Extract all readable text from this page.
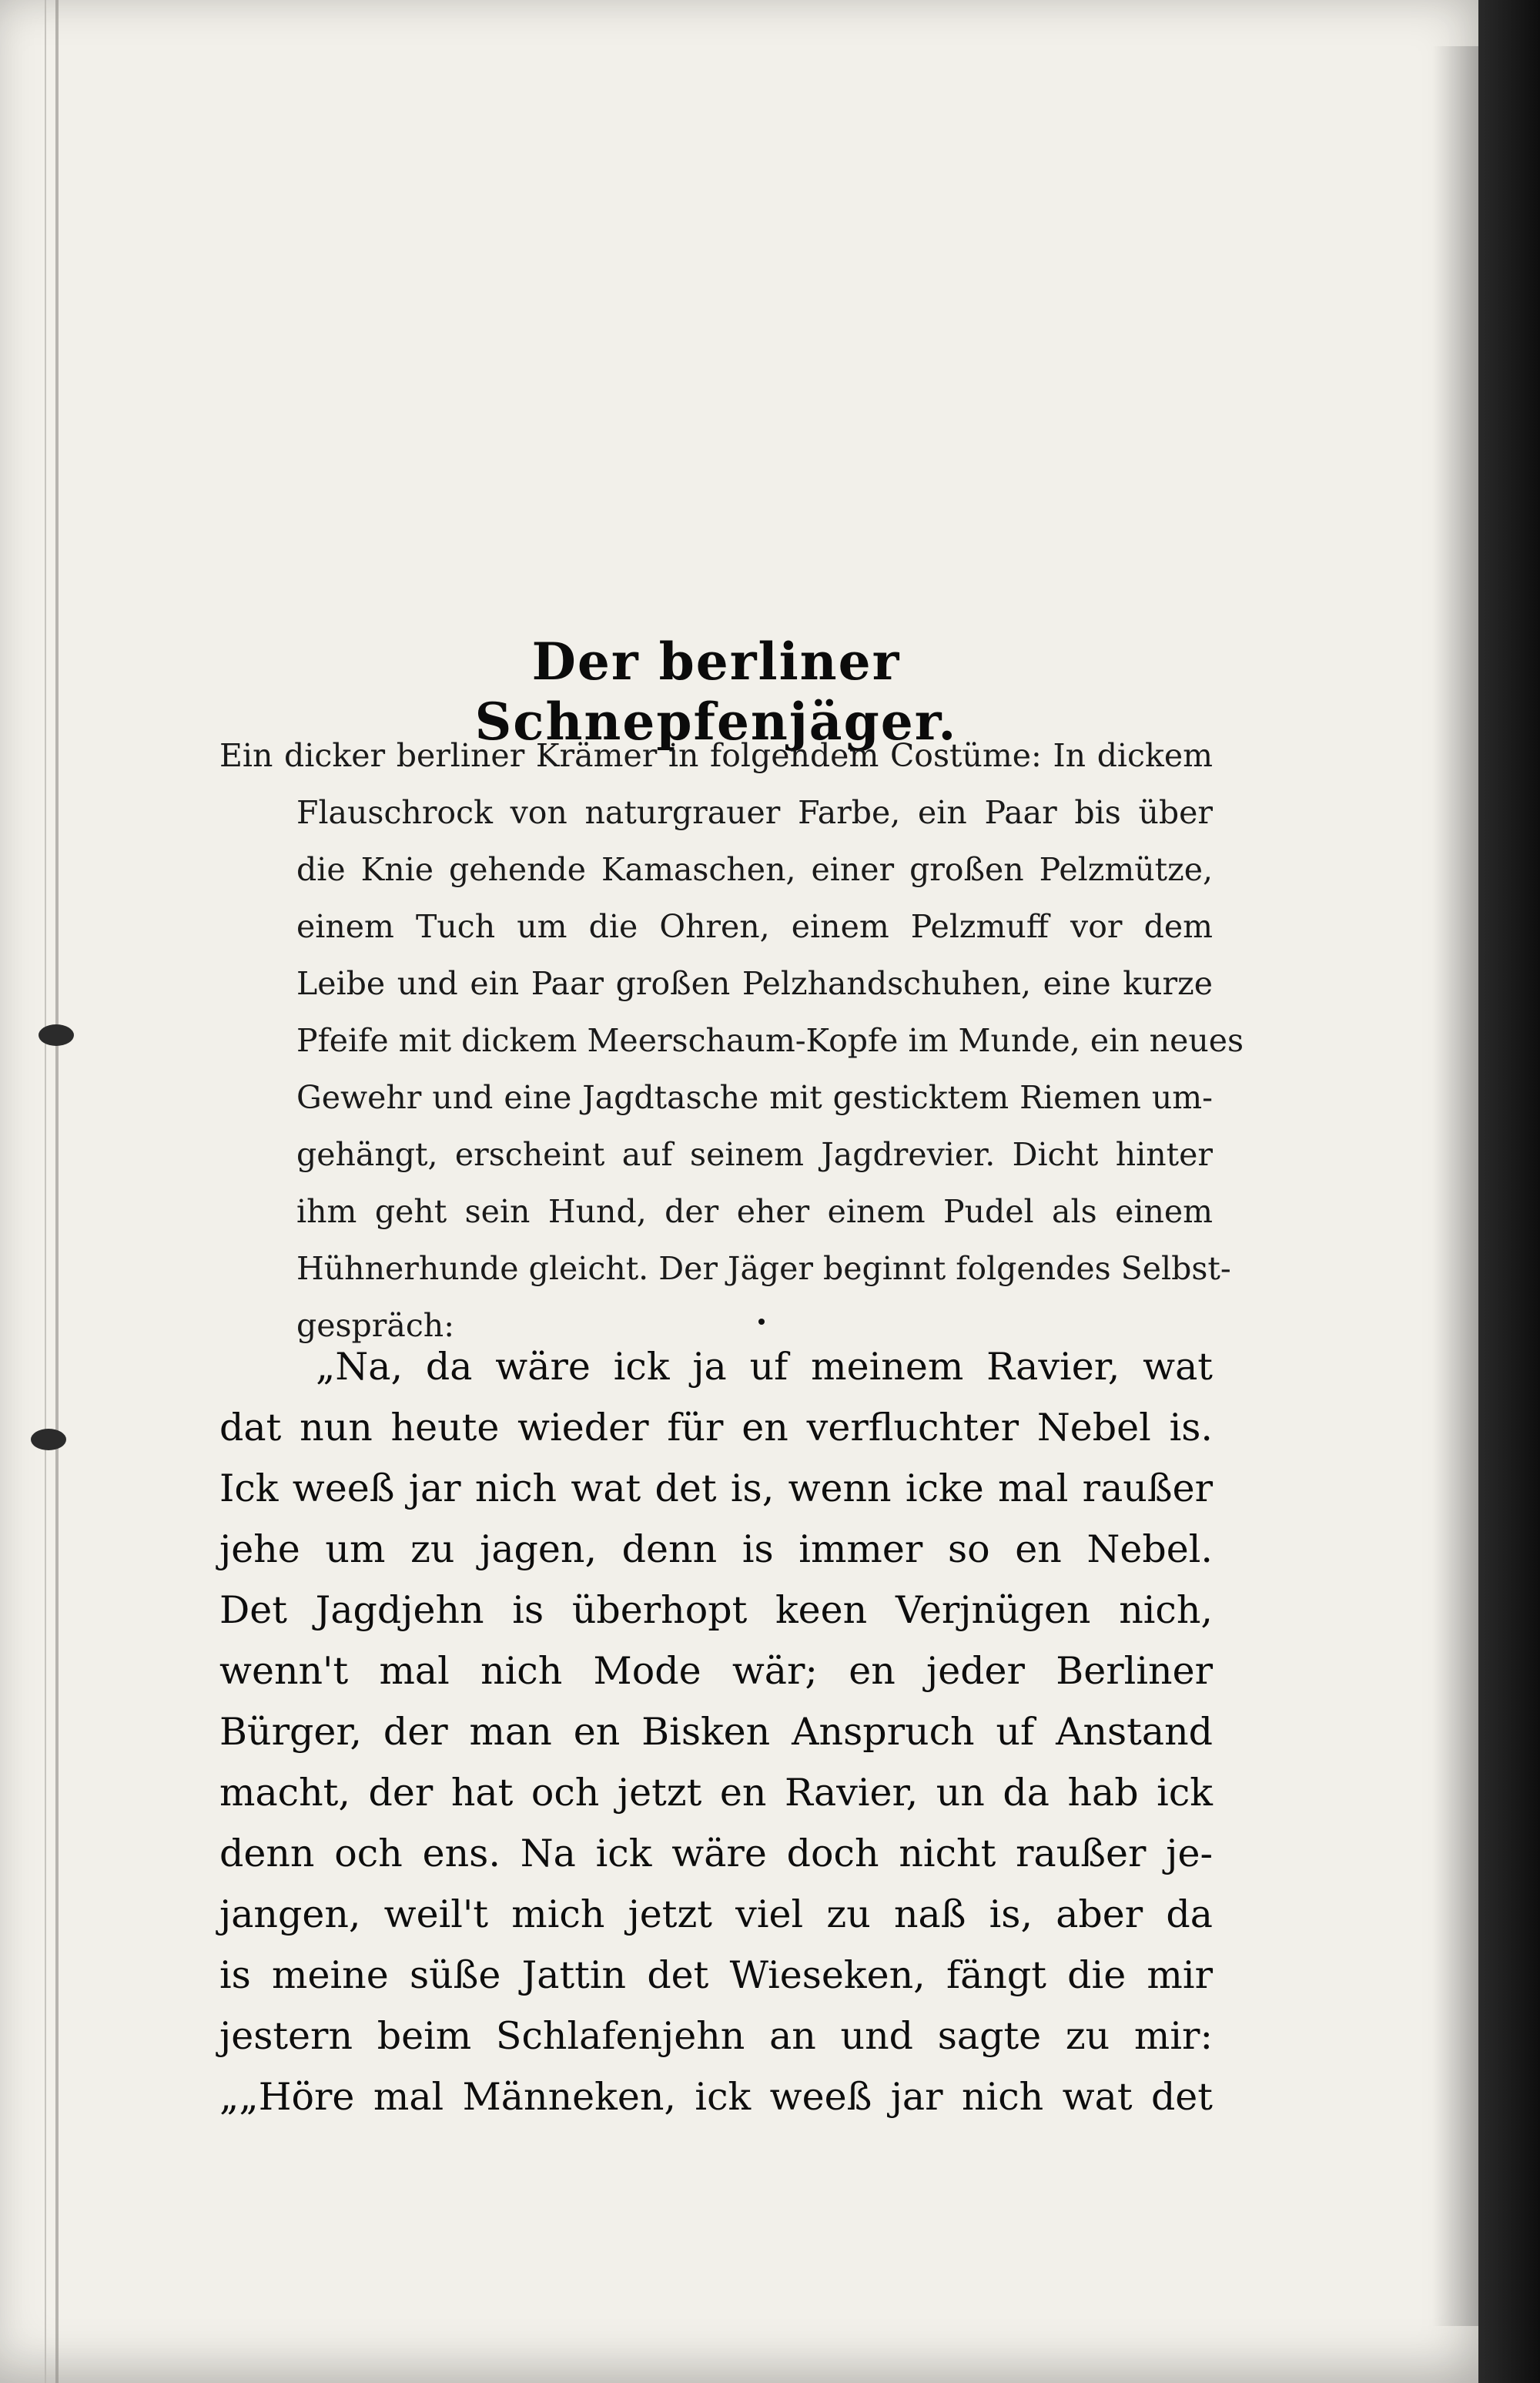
Der berliner Schnepfenjäger.
Ein dicker berliner Krämer in folgendem Costüme: In dickem
Flauschrock von naturgrauer Farbe, ein Paar bis über
die Knie gehende Kamaschen, einer großen Pelzmütze,
einem Tuch um die Ohren, einem Pelzmuff vor dem
Leibe und ein Paar großen Pelzhandschuhen, eine kurze
Pfeife mit dickem Meerschaum-Kopfe im Munde, ein neues
Gewehr und eine Jagdtasche mit gesticktem Riemen um-
gehängt, erscheint auf seinem Jagdrevier. Dicht hinter
ihm geht sein Hund, der eher einem Pudel als einem
Hühnerhunde gleicht. Der Jäger beginnt folgendes Selbst-
gespräch:
„Na, da wäre ick ja uf meinem Ravier, wat
dat nun heute wieder für en verfluchter Nebel is.
Ick weeß jar nich wat det is, wenn icke mal raußer
jehe um zu jagen, denn is immer so en Nebel.
Det Jagdjehn is überhopt keen Verjnügen nich,
wenn't mal nich Mode wär; en jeder Berliner
Bürger, der man en Bisken Anspruch uf Anstand
macht, der hat och jetzt en Ravier, un da hab ick
denn och ens. Na ick wäre doch nicht raußer je-
jangen, weil't mich jetzt viel zu naß is, aber da
is meine süße Jattin det Wieseken, fängt die mir
jestern beim Schlafenjehn an und sagte zu mir:
„„Höre mal Männeken, ick weeß jar nich wat det
